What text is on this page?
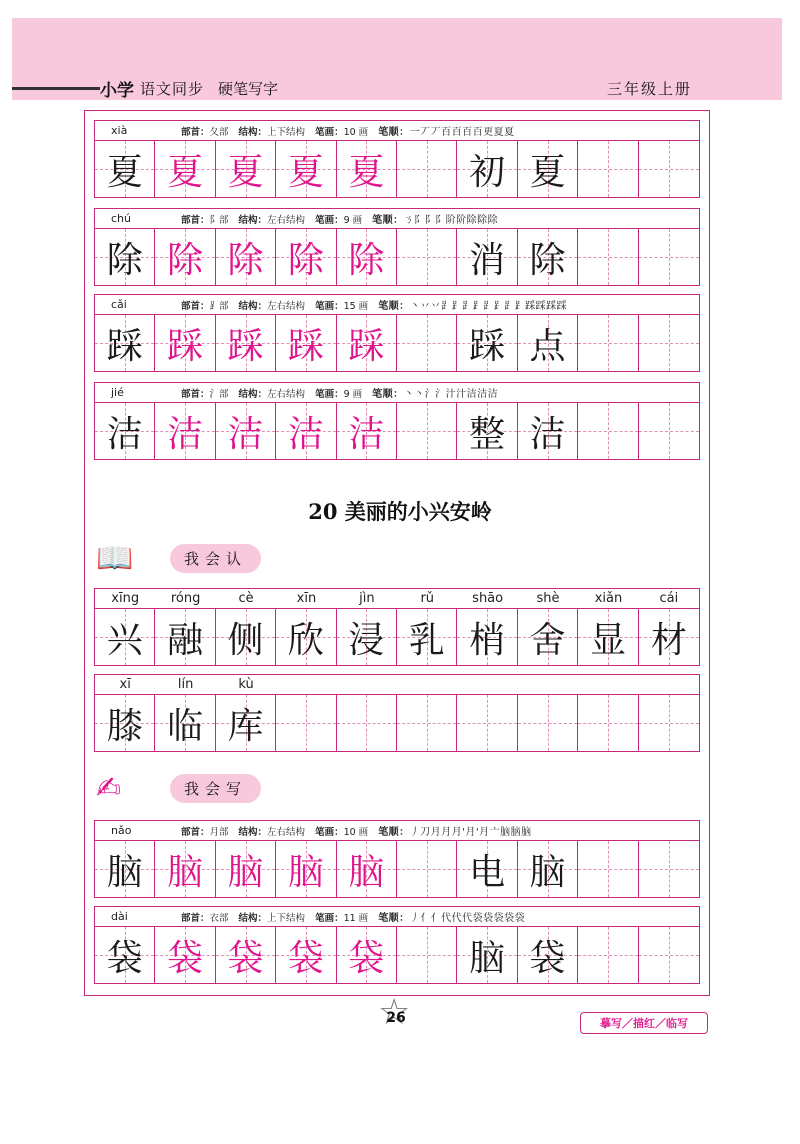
小学 语文同步 硬笔写字	三年级上册
xià	部首：夂部 结构：上下结构 笔画：10 画 笔顺：一丆丆百百百百更夏夏
夏 夏 夏 夏 夏 初 夏
chú	部首：阝部 结构：左右结构 笔画：9 画 笔顺：ㄋ阝阝阝阶阶除除除
除 除 除 除 除 消 除
cǎi	部首：⻊部 结构：左右结构 笔画：15 画 笔顺：丶丷丷⻊⻊⻊⻊⻊⻊⻊⻊踩踩踩踩
踩 踩 踩 踩 踩 踩 点
jié	部首：氵部 结构：左右结构 笔画：9 画 笔顺：丶丶氵氵汁汁洁洁洁
洁 洁 洁 洁 洁 整 洁
20 美丽的小兴安岭
📖	我会认
xīng	róng	cè	xīn	jìn	rǔ	shāo	shè	xiǎn	cái
兴 融 侧 欣 浸 乳 梢 舍 显 材
xī	lín	kù
膝 临 库
✍	我会写
nǎo	部首：月部 结构：左右结构 笔画：10 画 笔顺：丿刀月月月'月'月亠脑脑脑
脑 脑 脑 脑 脑 电 脑
dài	部首：衣部 结构：上下结构 笔画：11 画 笔顺：丿亻亻代代代袋袋袋袋袋
袋 袋 袋 袋 袋 脑 袋
☆ 26	摹写／描红／临写
